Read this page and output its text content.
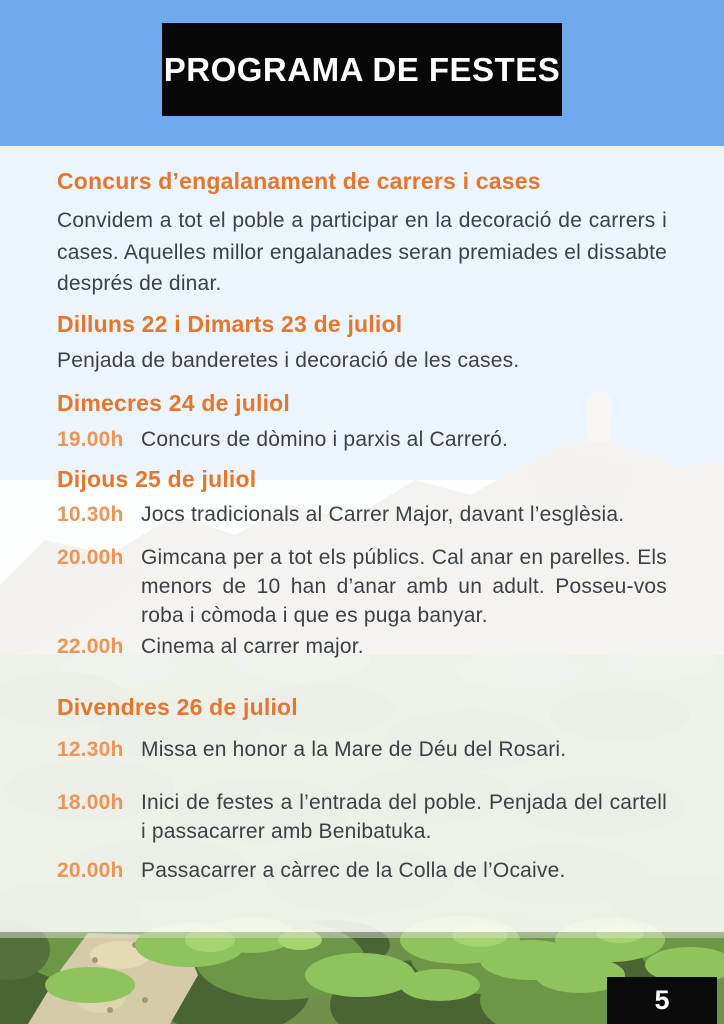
PROGRAMA DE FESTES
Concurs d’engalanament de carrers i cases

Convidem a tot el poble a participar en la decoració de carrers i cases. Aquelles millor engalanades seran premiades el dissabte després de dinar.

Dilluns 22 i Dimarts 23 de juliol
Penjada de banderetes i decoració de les cases.
Dimecres 24 de juliol
19.00h Concurs de dòmino i parxis al Carreró.
Dijous 25 de juliol
10.30h Jocs tradicionals al Carrer Major, davant l’esglèsia.
20.00h Gimcana per a tot els públics. Cal anar en parelles. Els menors de 10 han d’anar amb un adult. Posseu-vos roba i còmoda i que es puga banyar.
22.00h Cinema al carrer major.
Divendres 26 de juliol
12.30h Missa en honor a la Mare de Déu del Rosari.
18.00h Inici de festes a l’entrada del poble. Penjada del cartell i passacarrer amb Benibatuka.
20.00h Passacarrer a càrrec de la Colla de l’Ocaive.
5
